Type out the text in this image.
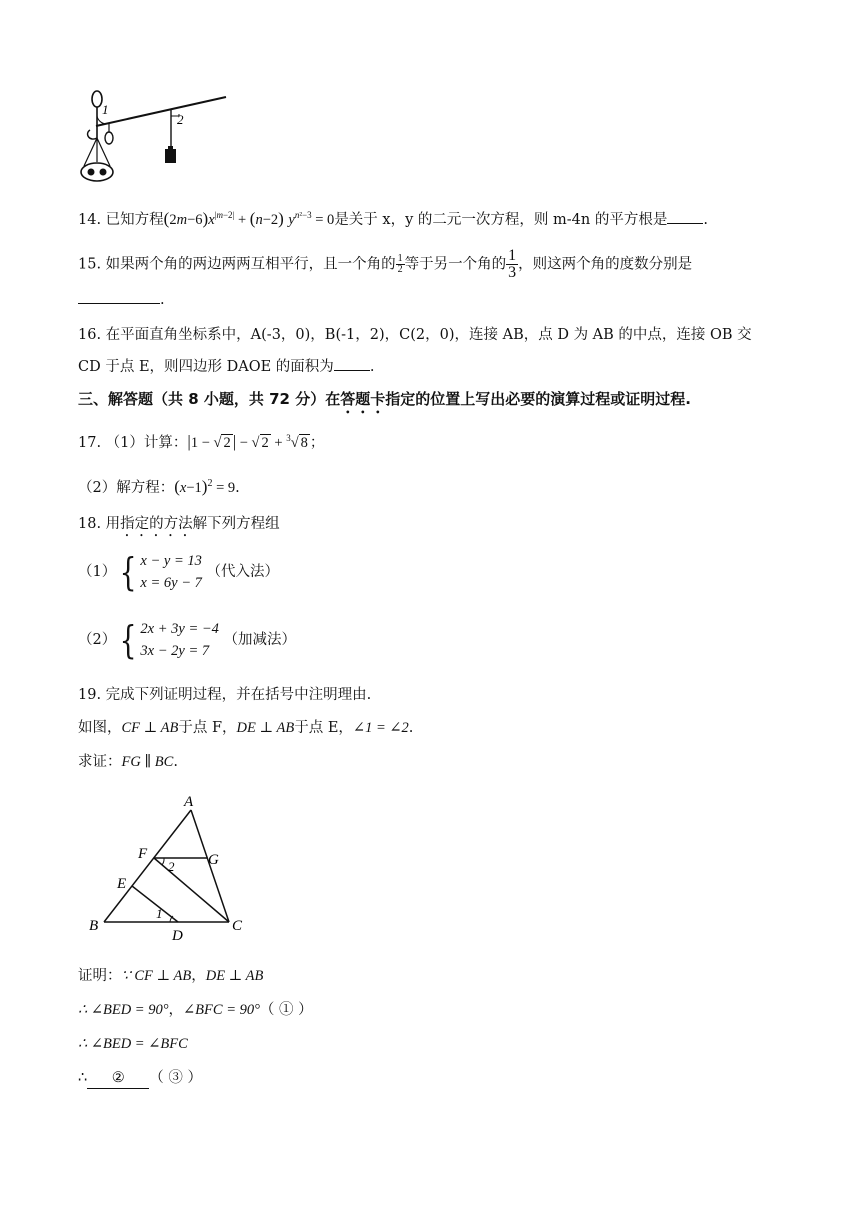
1
2
14. 已知方程$(2m-6)x^{|m-2|} + (n-2) y^{n^2-3} = 0$是关于 x，y 的二元一次方程，则 m-4n 的平方根是 .
15. 如果两个角的两边两两互相平行，且一个角的 $\frac{1}{2}$ 等于另一个角的 $\frac{1}{3}$ ，则这两个角的度数分别是
.
16. 在平面直角坐标系中，A(-3，0)，B(-1，2)，C(2，0)，连接 AB，点 D 为 AB 的中点，连接 OB 交
CD 于点 E，则四边形 DAOE 的面积为 .
三、解答题（共 8 小题，共 72 分）在答题卡指定的位置上写出必要的演算过程或证明过程.
17. （1）计算：|1 − √ 2 | − √ 2 + $^3$√ 8 ；
（2）解方程：$(x-1)^2 = 9$.
18. 用指定的方法解下列方程组
（1）{ x − y = 13
x = 6y − 7
（代入法）
（2）{ 2x + 3y = −4
3x − 2y = 7
（加减法）
19. 完成下列证明过程，并在括号中注明理由.
如图，CF ⊥ AB于点 F，DE ⊥ AB于点 E，∠1 = ∠2.
求证：FG ∥ BC.
A
F	G
E
B	C
D
2
1
证明：∵ CF ⊥ AB，DE ⊥ AB
∴ ∠BED = 90°，∠BFC = 90°（ ① ）
∴ ∠BED = ∠BFC
∴ ② （ ③ ）
